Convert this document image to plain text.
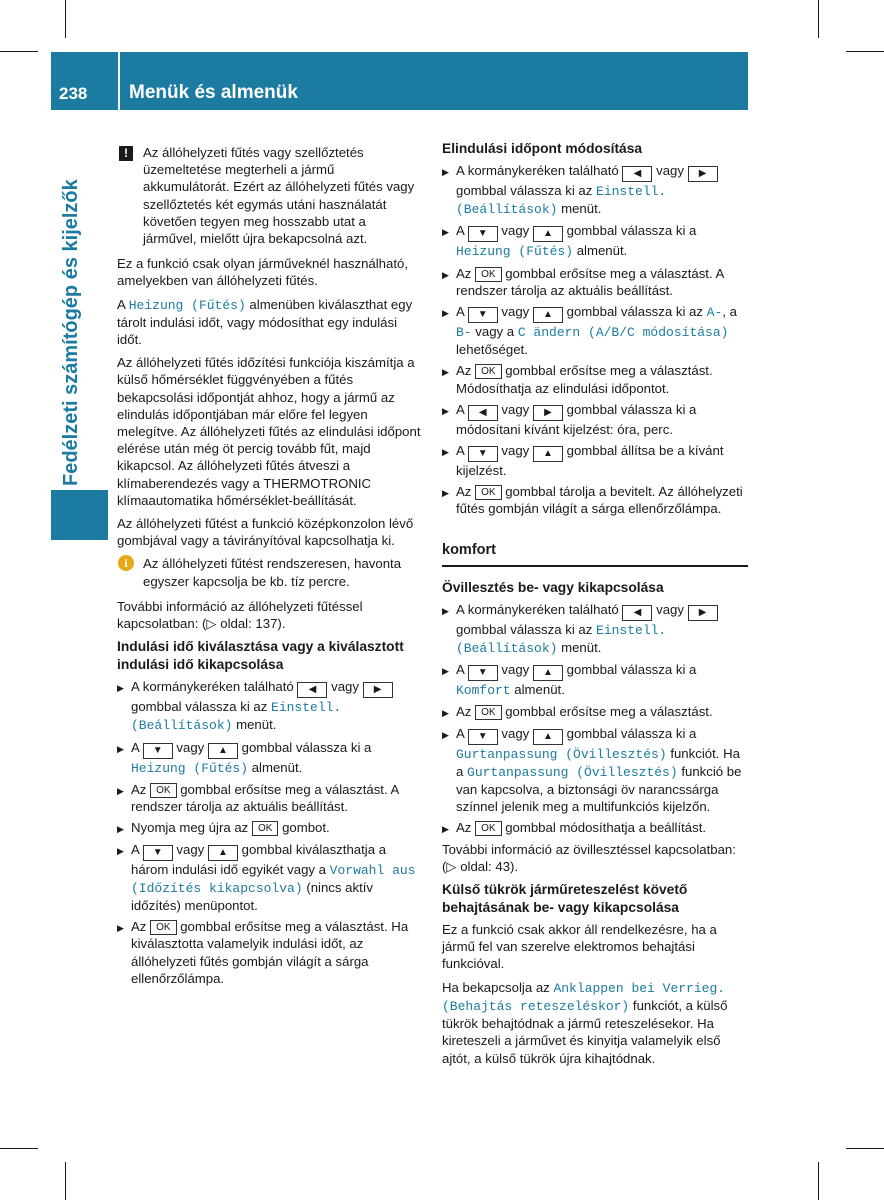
238 Menük és almenük
Fedélzeti számítógép és kijelzők
!	Az állóhelyzeti fűtés vagy szellőztetés üzemeltetése megterheli a jármű akkumulátorát. Ezért az állóhelyzeti fűtés vagy szellőztetés két egymás utáni használatát követően tegyen meg hosszabb utat a járművel, mielőtt újra bekapcsolná azt.

Ez a funkció csak olyan járműveknél használható, amelyekben van állóhelyzeti fűtés.

A Heizung (Fűtés) almenüben kiválaszthat egy tárolt indulási időt, vagy módosíthat egy indulási időt.

Az állóhelyzeti fűtés időzítési funkciója kiszámítja a külső hőmérséklet függvényében a fűtés bekapcsolási időpontját ahhoz, hogy a jármű az elindulás időpontjában már előre fel legyen melegítve. Az állóhelyzeti fűtés az elindulási időpont elérése után még öt percig tovább fűt, majd kikapcsol. Az állóhelyzeti fűtés átveszi a klímaberendezés vagy a THERMOTRONIC klímaautomatika hőmérséklet-beállítását.

Az állóhelyzeti fűtést a funkció középkonzolon lévő gombjával vagy a távirányítóval kapcsolhatja ki.

i	Az állóhelyzeti fűtést rendszeresen, havonta egyszer kapcsolja be kb. tíz percre.

További információ az állóhelyzeti fűtéssel kapcsolatban: (▷ oldal: 137).

Indulási idő kiválasztása vagy a kiválasztott indulási idő kikapcsolása
▶ A kormánykeréken található ◀ vagy ▶ gombbal válassza ki az Einstell. (Beállítások) menüt.
▶ A ▼ vagy ▲ gombbal válassza ki a Heizung (Fűtés) almenüt.
▶ Az OK gombbal erősítse meg a választást. A rendszer tárolja az aktuális beállítást.
▶ Nyomja meg újra az OK gombot.
▶ A ▼ vagy ▲ gombbal kiválaszthatja a három indulási idő egyikét vagy a Vorwahl aus (Időzítés kikapcsolva) (nincs aktív időzítés) menüpontot.
▶ Az OK gombbal erősítse meg a választást. Ha kiválasztotta valamelyik indulási időt, az állóhelyzeti fűtés gombján világít a sárga ellenőrzőlámpa.
Elindulási időpont módosítása
▶ A kormánykeréken található ◀ vagy ▶ gombbal válassza ki az Einstell. (Beállítások) menüt.
▶ A ▼ vagy ▲ gombbal válassza ki a Heizung (Fűtés) almenüt.
▶ Az OK gombbal erősítse meg a választást. A rendszer tárolja az aktuális beállítást.
▶ A ▼ vagy ▲ gombbal válassza ki az A-, a B- vagy a C ändern (A/B/C módosítása) lehetőséget.
▶ Az OK gombbal erősítse meg a választást. Módosíthatja az elindulási időpontot.
▶ A ◀ vagy ▶ gombbal válassza ki a módosítani kívánt kijelzést: óra, perc.
▶ A ▼ vagy ▲ gombbal állítsa be a kívánt kijelzést.
▶ Az OK gombbal tárolja a bevitelt. Az állóhelyzeti fűtés gombján világít a sárga ellenőrzőlámpa.
komfort
Övillesztés be- vagy kikapcsolása
▶ A kormánykeréken található ◀ vagy ▶ gombbal válassza ki az Einstell. (Beállítások) menüt.
▶ A ▼ vagy ▲ gombbal válassza ki a Komfort almenüt.
▶ Az OK gombbal erősítse meg a választást.
▶ A ▼ vagy ▲ gombbal válassza ki a Gurtanpassung (Övillesztés) funkciót. Ha a Gurtanpassung (Övillesztés) funkció be van kapcsolva, a biztonsági öv narancssárga színnel jelenik meg a multifunkciós kijelzőn.
▶ Az OK gombbal módosíthatja a beállítást.

További információ az övillesztéssel kapcsolatban: (▷ oldal: 43).

Külső tükrök járműreteszelést követő behajtásának be- vagy kikapcsolása

Ez a funkció csak akkor áll rendelkezésre, ha a jármű fel van szerelve elektromos behajtási funkcióval.

Ha bekapcsolja az Anklappen bei Verrieg. (Behajtás reteszeléskor) funkciót, a külső tükrök behajtódnak a jármű reteszelésekor. Ha kireteszeli a járművet és kinyitja valamelyik első ajtót, a külső tükrök újra kihajtódnak.
